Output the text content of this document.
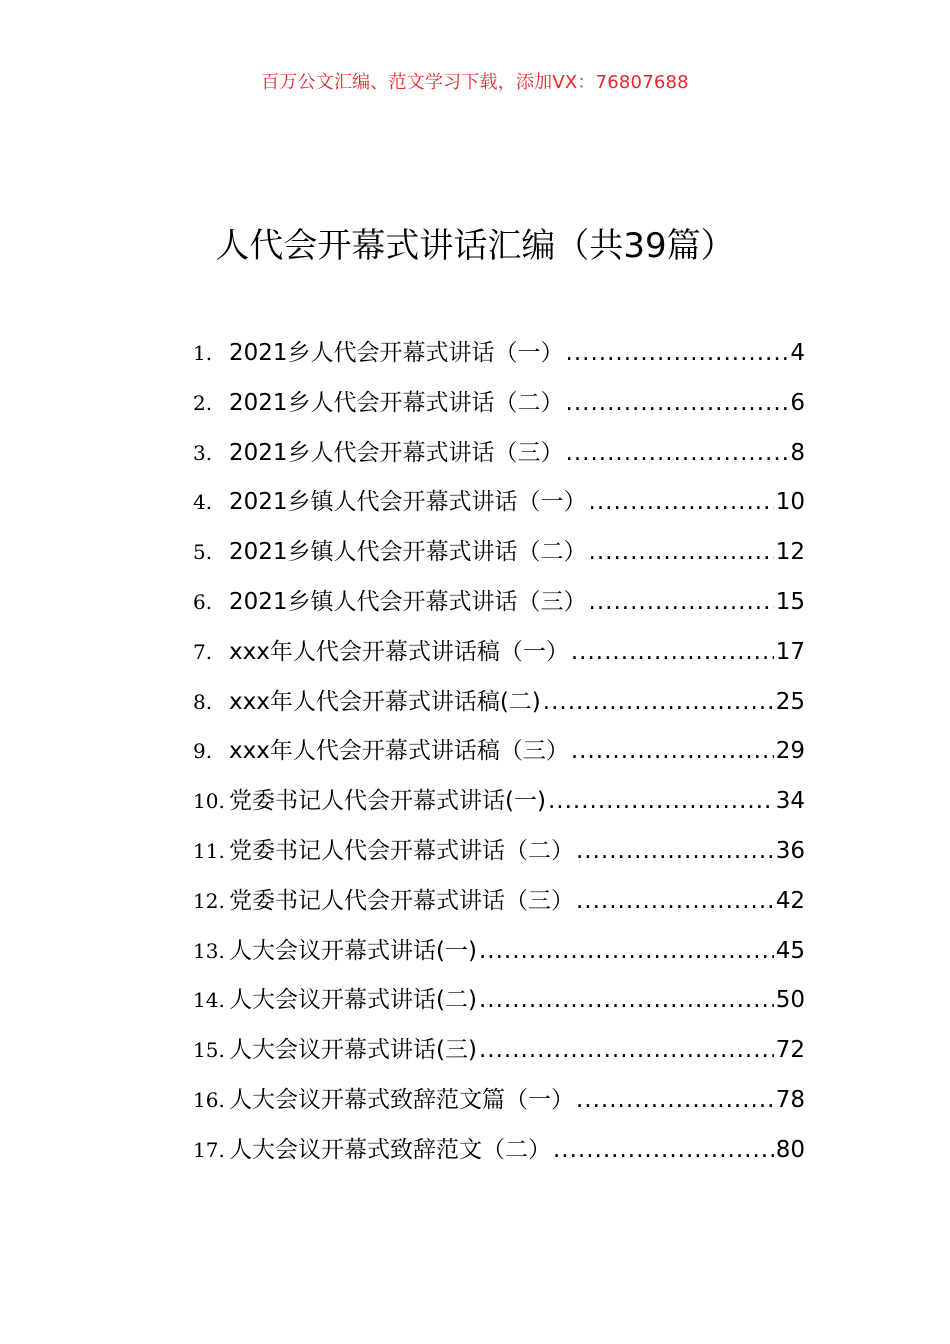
百万公文汇编、范文学习下载，添加VX：76807688
人代会开幕式讲话汇编（共39篇）
1. 2021乡人代会开幕式讲话（一） .....	4
2. 2021乡人代会开幕式讲话（二） .....	6
3. 2021乡人代会开幕式讲话（三） .....	8
4. 2021乡镇人代会开幕式讲话（一） .....	10
5. 2021乡镇人代会开幕式讲话（二） .....	12
6. 2021乡镇人代会开幕式讲话（三） .....	15
7. xxx年人代会开幕式讲话稿（一） .....	17
8. xxx年人代会开幕式讲话稿(二) .....	25
9. xxx年人代会开幕式讲话稿（三） .....	29
10. 党委书记人代会开幕式讲话(一) .....	34
11. 党委书记人代会开幕式讲话（二） .....	36
12. 党委书记人代会开幕式讲话（三） .....	42
13. 人大会议开幕式讲话(一) .....	45
14. 人大会议开幕式讲话(二) .....	50
15. 人大会议开幕式讲话(三) .....	72
16. 人大会议开幕式致辞范文篇（一） .....	78
17. 人大会议开幕式致辞范文（二） .....	80
